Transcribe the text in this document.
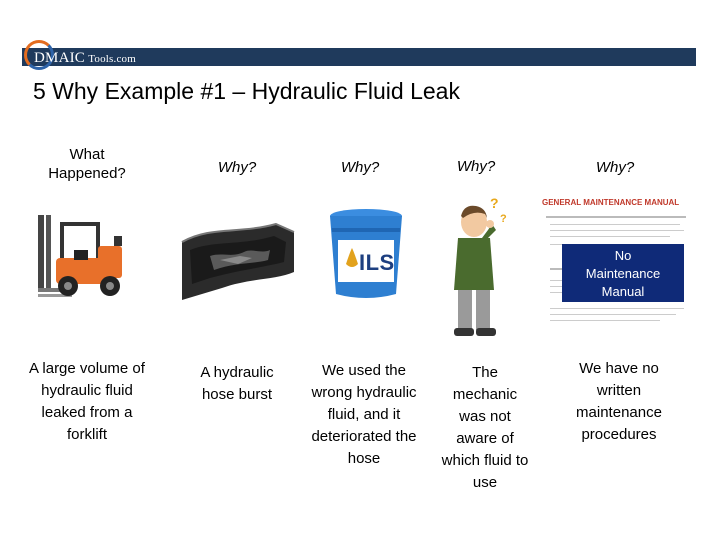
DMAIC  Tools.com
5 Why Example #1 – Hydraulic Fluid Leak
What Happened?	Why?	Why?	Why?	Why?
ILS
?
?
GENERAL MAINTENANCE MANUAL
No
Maintenance
Manual
A large volume of hydraulic fluid leaked from a forklift
A hydraulic hose burst
We used the wrong hydraulic fluid, and it deteriorated the hose
The mechanic was not aware of which fluid to use
We have no written maintenance procedures
